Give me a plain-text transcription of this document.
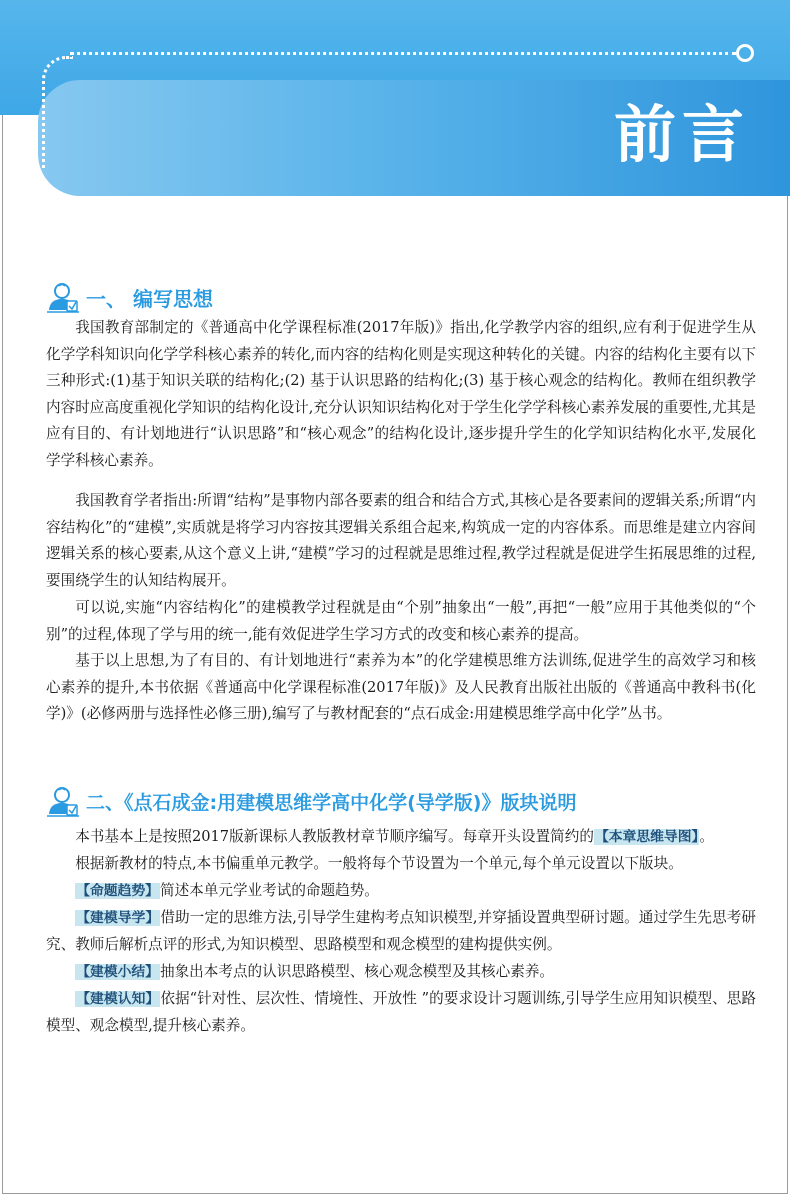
前言
一、 编写思想

我国教育部制定的《普通高中化学课程标准(2017年版)》指出,化学教学内容的组织,应有利于促进学生从化学学科知识向化学学科核心素养的转化,而内容的结构化则是实现这种转化的关键。内容的结构化主要有以下三种形式:(1)基于知识关联的结构化;(2) 基于认识思路的结构化;(3) 基于核心观念的结构化。教师在组织教学内容时应高度重视化学知识的结构化设计,充分认识知识结构化对于学生化学学科核心素养发展的重要性,尤其是应有目的、有计划地进行“认识思路”和“核心观念”的结构化设计,逐步提升学生的化学知识结构化水平,发展化学学科核心素养。

我国教育学者指出:所谓“结构”是事物内部各要素的组合和结合方式,其核心是各要素间的逻辑关系;所谓“内容结构化”的“建模”,实质就是将学习内容按其逻辑关系组合起来,构筑成一定的内容体系。而思维是建立内容间逻辑关系的核心要素,从这个意义上讲,“建模”学习的过程就是思维过程,教学过程就是促进学生拓展思维的过程,要围绕学生的认知结构展开。

可以说,实施“内容结构化”的建模教学过程就是由“个别”抽象出“一般”,再把“一般”应用于其他类似的“个别”的过程,体现了学与用的统一,能有效促进学生学习方式的改变和核心素养的提高。

基于以上思想,为了有目的、有计划地进行“素养为本”的化学建模思维方法训练,促进学生的高效学习和核心素养的提升,本书依据《普通高中化学课程标准(2017年版)》及人民教育出版社出版的《普通高中教科书(化学)》(必修两册与选择性必修三册),编写了与教材配套的“点石成金:用建模思维学高中化学”丛书。

二、《点石成金:用建模思维学高中化学(导学版)》版块说明

本书基本上是按照2017版新课标人教版教材章节顺序编写。每章开头设置简约的【本章思维导图】。

根据新教材的特点,本书偏重单元教学。一般将每个节设置为一个单元,每个单元设置以下版块。

【命题趋势】简述本单元学业考试的命题趋势。

【建模导学】借助一定的思维方法,引导学生建构考点知识模型,并穿插设置典型研讨题。通过学生先思考研究、教师后解析点评的形式,为知识模型、思路模型和观念模型的建构提供实例。

【建模小结】抽象出本考点的认识思路模型、核心观念模型及其核心素养。

【建模认知】依据“针对性、层次性、情境性、开放性 ”的要求设计习题训练,引导学生应用知识模型、思路模型、观念模型,提升核心素养。
